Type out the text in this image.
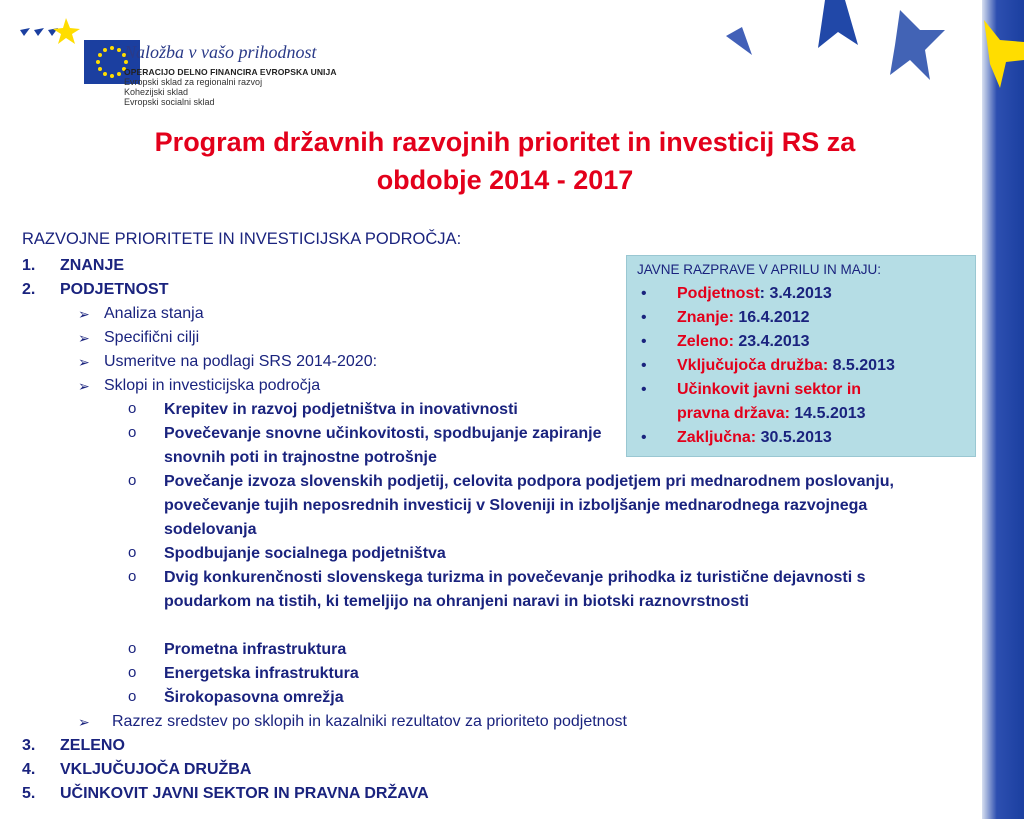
Naložba v vašo prihodnost
OPERACIJO DELNO FINANCIRA EVROPSKA UNIJA
Evropski sklad za regionalni razvoj
Kohezijski sklad
Evropski socialni sklad
Program državnih razvojnih prioritet in investicij RS za
obdobje 2014 - 2017
RAZVOJNE PRIORITETE IN INVESTICIJSKA PODROČJA:
1. ZNANJE
2. PODJETNOST
➢ Analiza stanja
➢ Specifični cilji
➢ Usmeritve na podlagi SRS 2014-2020:
➢ Sklopi in investicijska področja
o Krepitev in razvoj podjetništva in inovativnosti
o Povečevanje snovne učinkovitosti, spodbujanje zapiranje snovnih poti in trajnostne potrošnje
o Povečanje izvoza slovenskih podjetij, celovita podpora podjetjem pri mednarodnem poslovanju, povečevanje tujih neposrednih investicij v Sloveniji in izboljšanje mednarodnega razvojnega sodelovanja
o Spodbujanje socialnega podjetništva
o Dvig konkurenčnosti slovenskega turizma in povečevanje prihodka iz turistične dejavnosti s poudarkom na tistih, ki temeljijo na ohranjeni naravi in biotski raznovrstnosti
o Prometna infrastruktura
o Energetska infrastruktura
o Širokopasovna omrežja
➢ Razrez sredstev po sklopih in kazalniki rezultatov za prioriteto podjetnost
3. ZELENO
4. VKLJUČUJOČA DRUŽBA
5. UČINKOVIT JAVNI SEKTOR IN PRAVNA DRŽAVA
JAVNE RAZPRAVE V APRILU IN MAJU:
• Podjetnost: 3.4.2013
• Znanje: 16.4.2012
• Zeleno: 23.4.2013
• Vključujoča družba: 8.5.2013
• Učinkovit javni sektor in pravna država: 14.5.2013
• Zaključna: 30.5.2013
